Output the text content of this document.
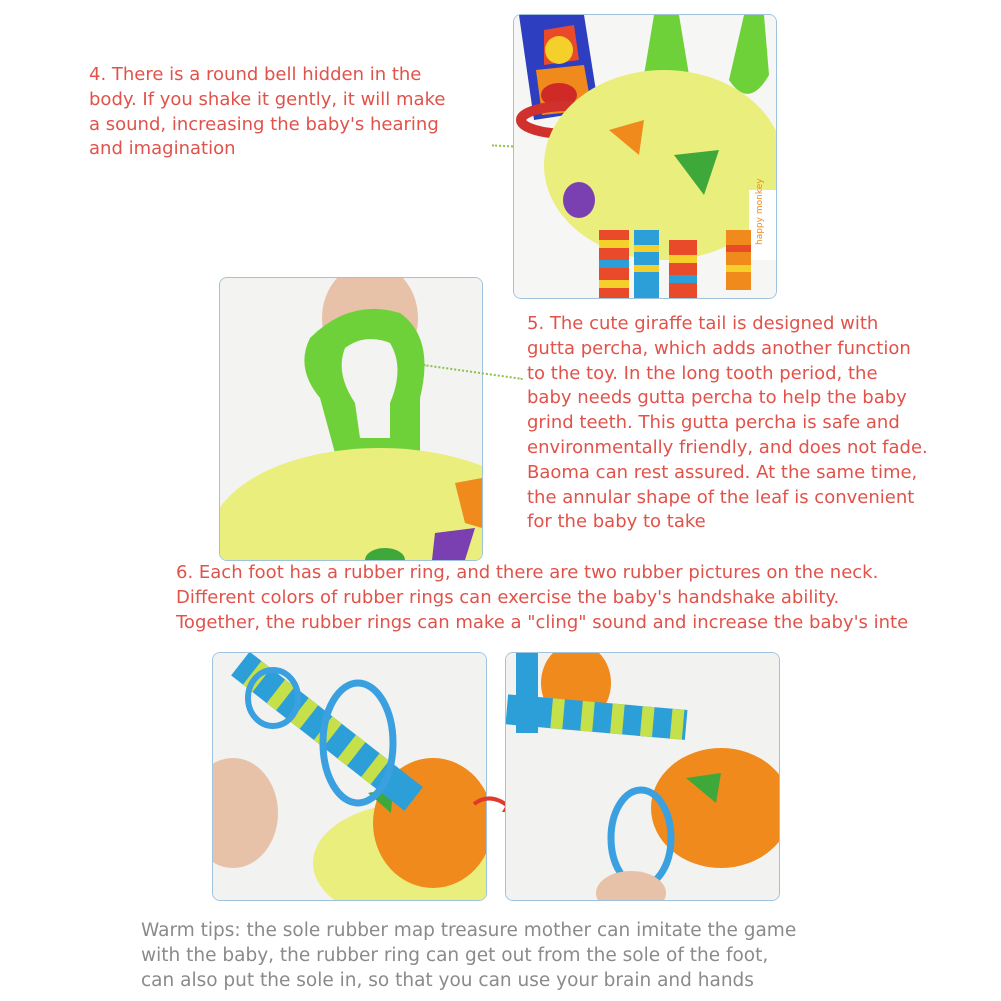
4. There is a round bell hidden in the
body. If you shake it gently, it will make
a sound, increasing the baby's hearing
and imagination
happy monkey
5. The cute giraffe tail is designed with
gutta percha, which adds another function
to the toy. In the long tooth period, the
baby needs gutta percha to help the baby
grind teeth. This gutta percha is safe and
environmentally friendly, and does not fade.
Baoma can rest assured. At the same time,
the annular shape of the leaf is convenient
for the baby to take
6. Each foot has a rubber ring, and there are two rubber pictures on the neck.
Different colors of rubber rings can exercise the baby's handshake ability.
Together, the rubber rings can make a "cling" sound and increase the baby's inte
Warm tips: the sole rubber map treasure mother can imitate the game
with the baby, the rubber ring can get out from the sole of the foot,
can also put the sole in, so that you can use your brain and hands
